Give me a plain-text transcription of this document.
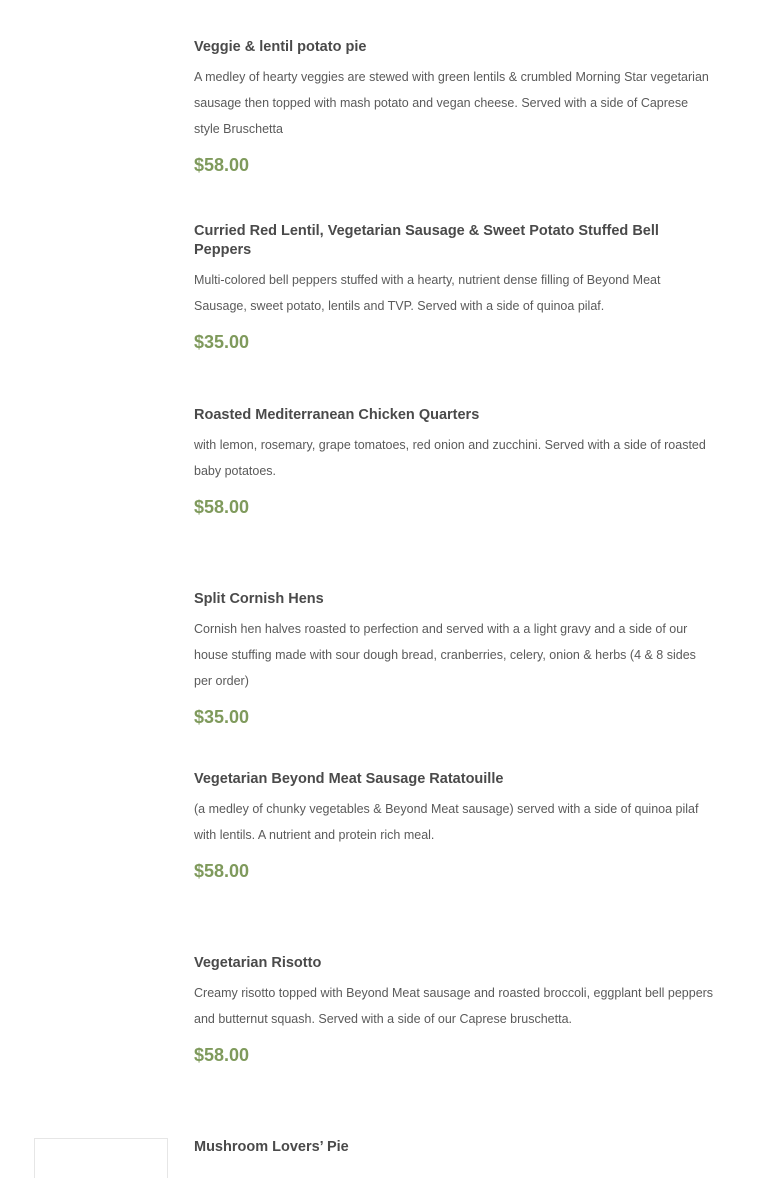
Veggie & lentil potato pie

A medley of hearty veggies are stewed with green lentils & crumbled Morning Star vegetarian sausage then topped with mash potato and vegan cheese. Served with a side of Caprese style Bruschetta

$58.00
Curried Red Lentil, Vegetarian Sausage & Sweet Potato Stuffed Bell Peppers

Multi-colored bell peppers stuffed with a hearty, nutrient dense filling of Beyond Meat Sausage, sweet potato, lentils and TVP. Served with a side of quinoa pilaf.

$35.00
Roasted Mediterranean Chicken Quarters

with lemon, rosemary, grape tomatoes, red onion and zucchini. Served with a side of roasted baby potatoes.

$58.00
Split Cornish Hens

Cornish hen halves roasted to perfection and served with a a light gravy and a side of our house stuffing made with sour dough bread, cranberries, celery, onion & herbs (4 & 8 sides per order)

$35.00
Vegetarian Beyond Meat Sausage Ratatouille

(a medley of chunky vegetables & Beyond Meat sausage) served with a side of quinoa pilaf with lentils. A nutrient and protein rich meal.

$58.00
Vegetarian Risotto

Creamy risotto topped with Beyond Meat sausage and roasted broccoli, eggplant bell peppers and butternut squash. Served with a side of our Caprese bruschetta.

$58.00
Mushroom Lovers’ Pie
